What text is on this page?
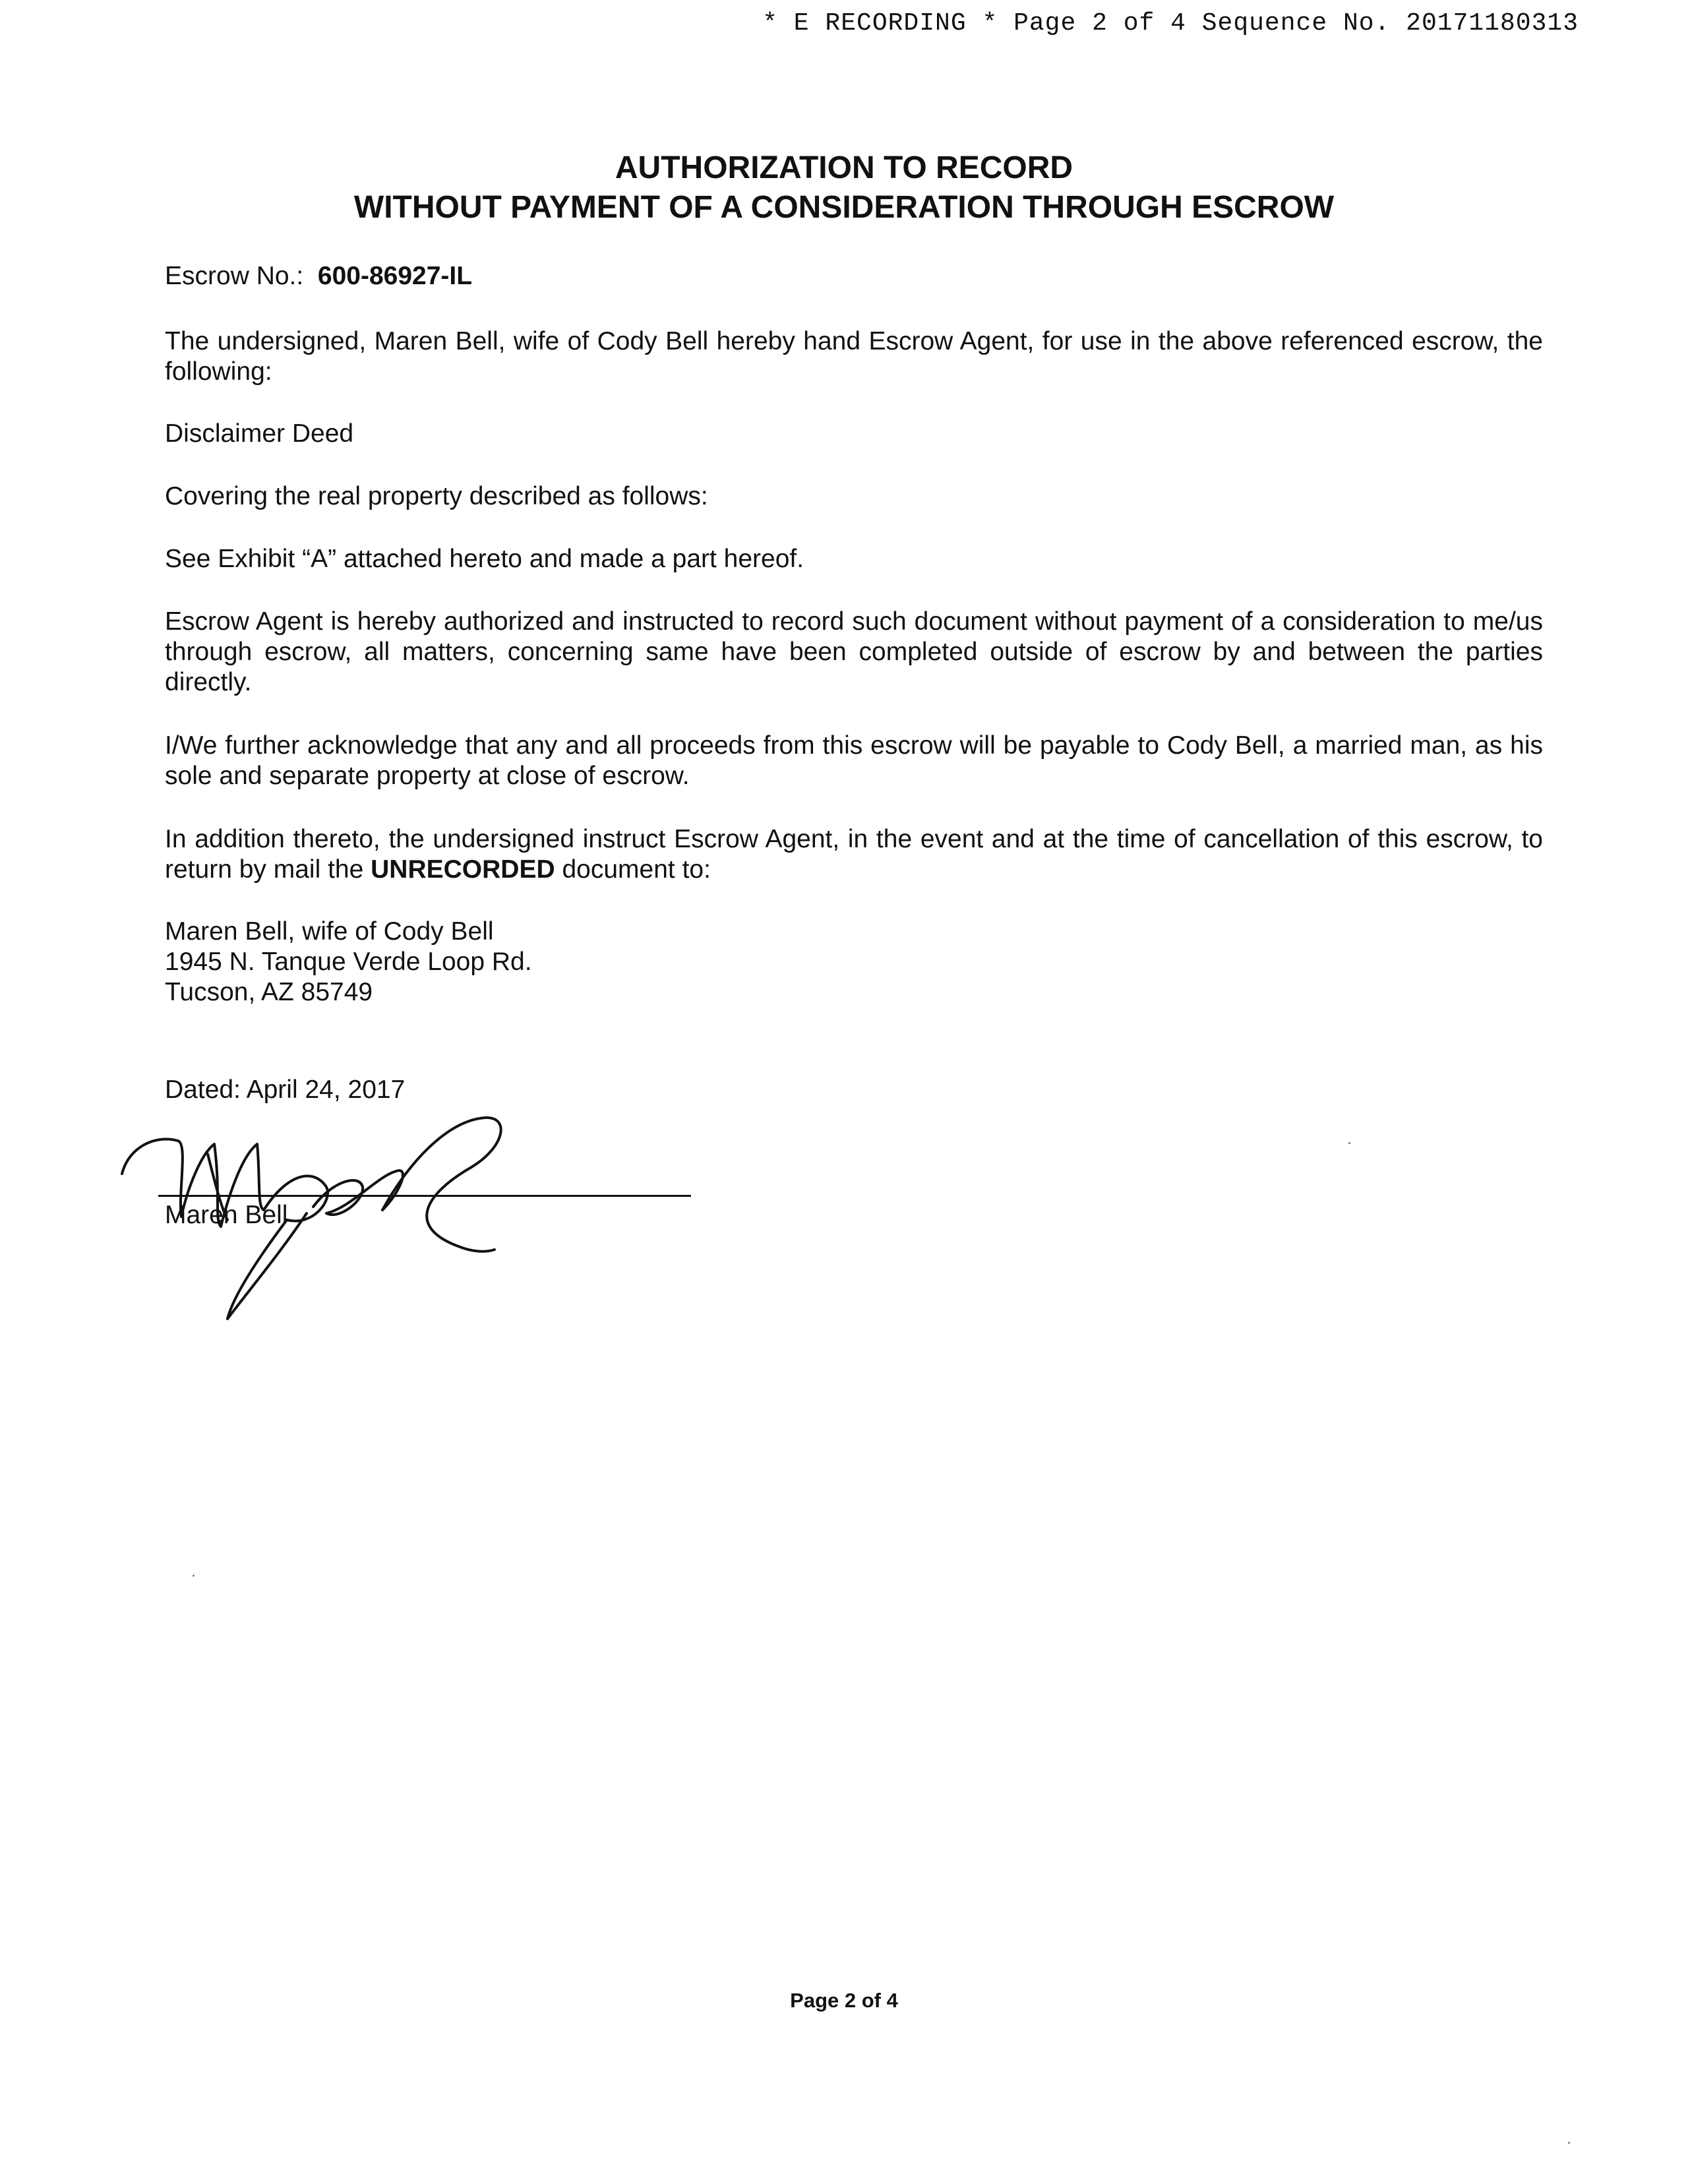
* E RECORDING * Page 2 of 4 Sequence No. 20171180313
AUTHORIZATION TO RECORD
WITHOUT PAYMENT OF A CONSIDERATION THROUGH ESCROW

Escrow No.: 600-86927-IL

The undersigned, Maren Bell, wife of Cody Bell hereby hand Escrow Agent, for use in the above referenced escrow, the following:

Disclaimer Deed

Covering the real property described as follows:

See Exhibit “A” attached hereto and made a part hereof.

Escrow Agent is hereby authorized and instructed to record such document without payment of a consideration to me/us through escrow, all matters, concerning same have been completed outside of escrow by and between the parties directly.

I/We further acknowledge that any and all proceeds from this escrow will be payable to Cody Bell, a married man, as his sole and separate property at close of escrow.

In addition thereto, the undersigned instruct Escrow Agent, in the event and at the time of cancellation of this escrow, to return by mail the UNRECORDED document to:

Maren Bell, wife of Cody Bell
1945 N. Tanque Verde Loop Rd.
Tucson, AZ 85749
Dated: April 24, 2017
Maren Bell
Page 2 of 4
